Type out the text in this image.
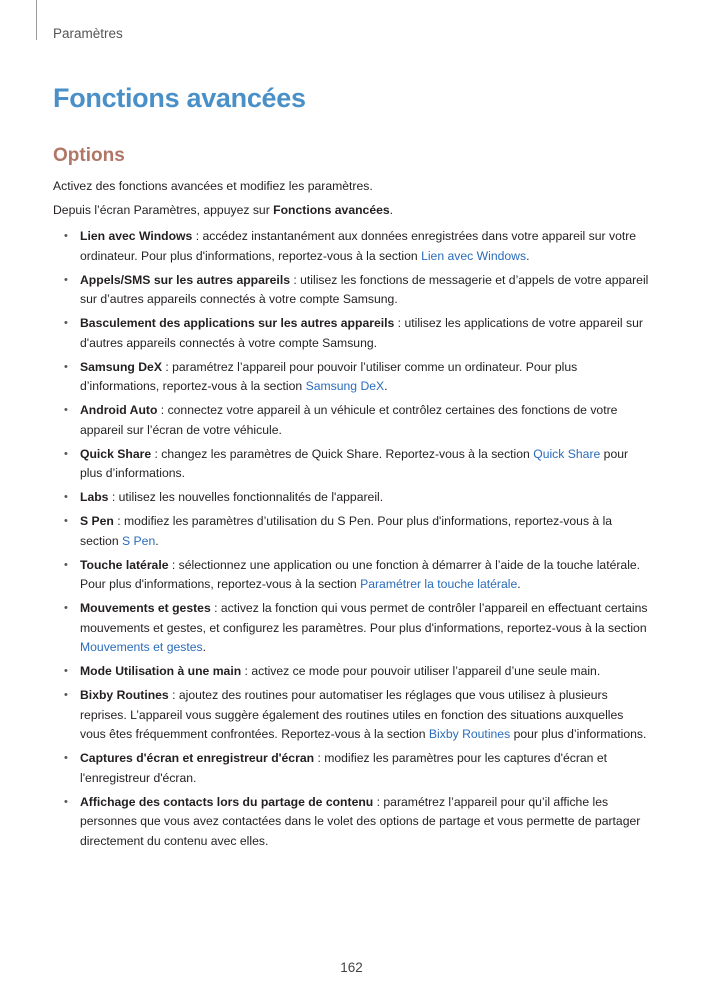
Paramètres
Fonctions avancées
Options
Activez des fonctions avancées et modifiez les paramètres.
Depuis l’écran Paramètres, appuyez sur Fonctions avancées.
• Lien avec Windows : accédez instantanément aux données enregistrées dans votre appareil sur votre ordinateur. Pour plus d'informations, reportez-vous à la section Lien avec Windows.
• Appels/SMS sur les autres appareils : utilisez les fonctions de messagerie et d’appels de votre appareil sur d’autres appareils connectés à votre compte Samsung.
• Basculement des applications sur les autres appareils : utilisez les applications de votre appareil sur d'autres appareils connectés à votre compte Samsung.
• Samsung DeX : paramétrez l’appareil pour pouvoir l’utiliser comme un ordinateur. Pour plus d’informations, reportez-vous à la section Samsung DeX.
• Android Auto : connectez votre appareil à un véhicule et contrôlez certaines des fonctions de votre appareil sur l’écran de votre véhicule.
• Quick Share : changez les paramètres de Quick Share. Reportez-vous à la section Quick Share pour plus d’informations.
• Labs : utilisez les nouvelles fonctionnalités de l'appareil.
• S Pen : modifiez les paramètres d’utilisation du S Pen. Pour plus d'informations, reportez-vous à la section S Pen.
• Touche latérale : sélectionnez une application ou une fonction à démarrer à l’aide de la touche latérale. Pour plus d'informations, reportez-vous à la section Paramétrer la touche latérale.
• Mouvements et gestes : activez la fonction qui vous permet de contrôler l’appareil en effectuant certains mouvements et gestes, et configurez les paramètres. Pour plus d'informations, reportez-vous à la section Mouvements et gestes.
• Mode Utilisation à une main : activez ce mode pour pouvoir utiliser l’appareil d’une seule main.
• Bixby Routines : ajoutez des routines pour automatiser les réglages que vous utilisez à plusieurs reprises. L’appareil vous suggère également des routines utiles en fonction des situations auxquelles vous êtes fréquemment confrontées. Reportez-vous à la section Bixby Routines pour plus d’informations.
• Captures d'écran et enregistreur d'écran : modifiez les paramètres pour les captures d'écran et l'enregistreur d'écran.
• Affichage des contacts lors du partage de contenu : paramétrez l’appareil pour qu’il affiche les personnes que vous avez contactées dans le volet des options de partage et vous permette de partager directement du contenu avec elles.
162
